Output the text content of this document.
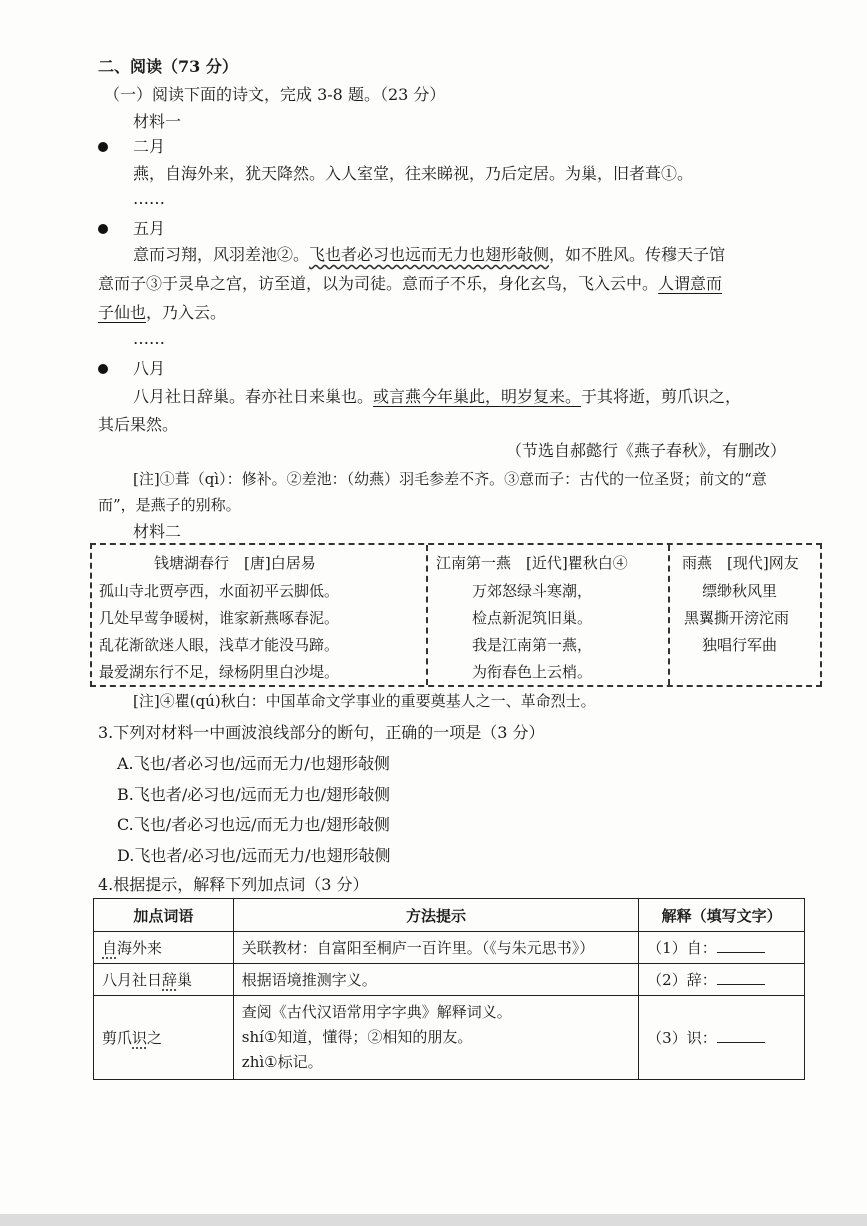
二、阅读（73 分）
（一）阅读下面的诗文，完成 3-8 题。（23 分）
材料一
二月
燕，自海外来，犹天降然。入人室堂，往来睇视，乃后定居。为巢，旧者葺①。
……
五月
意而习翔，风羽差池②。飞也者必习也远而无力也翅形敧侧，如不胜风。传穆天子馆
意而子③于灵阜之宫，访至道，以为司徒。意而子不乐，身化玄鸟，飞入云中。人谓意而
子仙也，乃入云。
……
八月
八月社日辞巢。春亦社日来巢也。或言燕今年巢此，明岁复来。于其将逝，剪爪识之，
其后果然。
（节选自郝懿行《燕子春秋》，有删改）
[注]①葺（qì）：修补。②差池：（幼燕）羽毛参差不齐。③意而子：古代的一位圣贤；前文的“意
而”，是燕子的别称。
材料二
钱塘湖春行　[唐]白居易
孤山寺北贾亭西，水面初平云脚低。
几处早莺争暖树，谁家新燕啄春泥。
乱花渐欲迷人眼，浅草才能没马蹄。
最爱湖东行不足，绿杨阴里白沙堤。
江南第一燕　[近代]瞿秋白④
万郊怒绿斗寒潮，
检点新泥筑旧巢。
我是江南第一燕，
为衔春色上云梢。
雨燕　[现代]网友
缥缈秋风里
黑翼撕开滂沱雨
独唱行军曲
[注]④瞿(qú)秋白：中国革命文学事业的重要奠基人之一、革命烈士。
3.下列对材料一中画波浪线部分的断句，正确的一项是（3 分）
A.飞也/者必习也/远而无力/也翅形敧侧
B.飞也者/必习也/远而无力也/翅形敧侧
C.飞也/者必习也远/而无力也/翅形敧侧
D.飞也者/必习也/远而无力/也翅形敧侧
4.根据提示，解释下列加点词（3 分）
加点词语	方法提示	解释（填写文字）
自海外来	关联教材：自富阳至桐庐一百许里。（《与朱元思书》）	（1）自：
八月社日辞巢	根据语境推测字义。	（2）辞：
剪爪识之	查阅《古代汉语常用字字典》解释词义。
shí①知道，懂得；②相知的朋友。
zhì①标记。	（3）识：
